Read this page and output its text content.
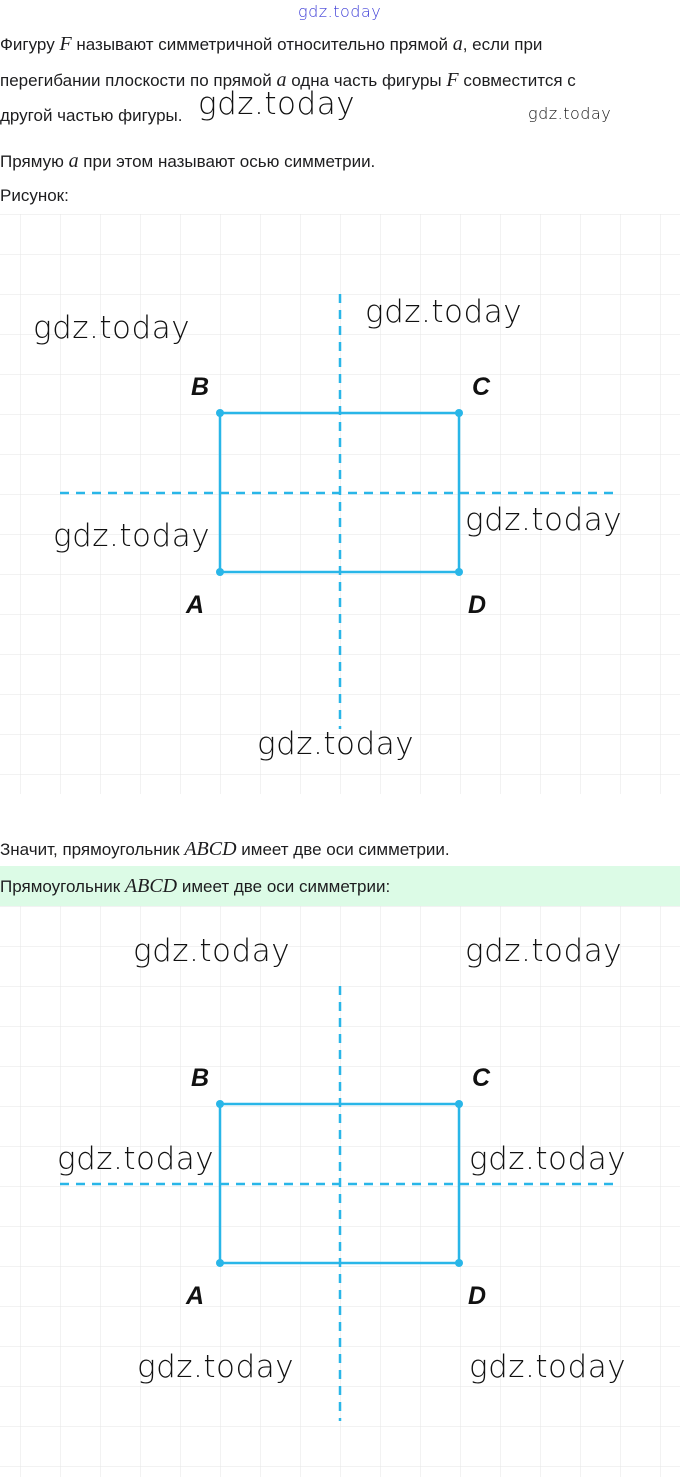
gdz.today
Фигуру F называют симметричной относительно прямой a, если при
перегибании плоскости по прямой a одна часть фигуры F совместится с
другой частью фигуры. gdz.today	gdz.today
Прямую a при этом называют осью симметрии.
Рисунок:
B	C
A	D
gdz.today	gdz.today
gdz.today	gdz.today
gdz.today
Значит, прямоугольник ABCD имеет две оси симметрии.
Прямоугольник ABCD имеет две оси симметрии:
B	C
A	D
gdz.today	gdz.today
gdz.today	gdz.today
gdz.today	gdz.today
